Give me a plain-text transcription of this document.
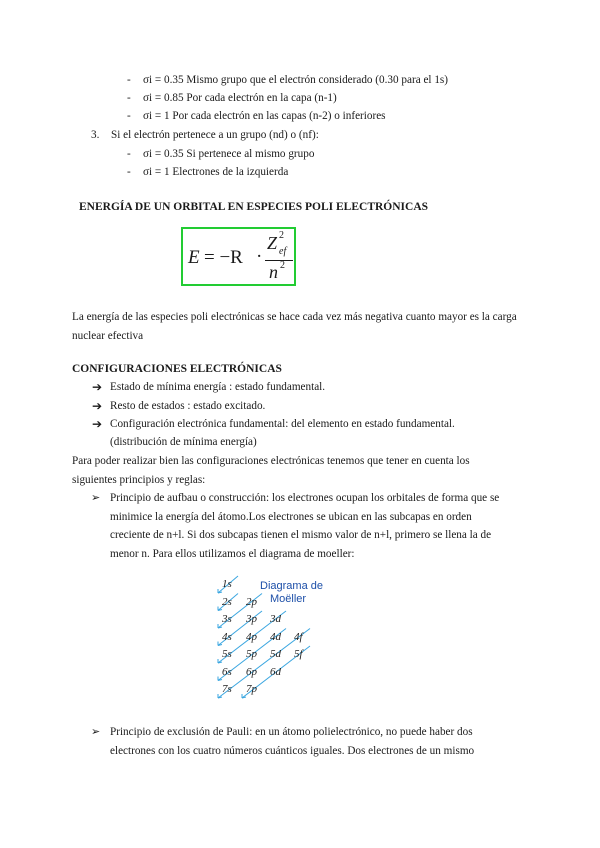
- σi = 0.35 Mismo grupo que el electrón considerado (0.30 para el 1s)
- σi = 0.85 Por cada electrón en la capa (n-1)
- σi = 1 Por cada electrón en las capas (n-2) o inferiores
3. Si el electrón pertenece a un grupo (nd) o (nf):
- σi = 0.35 Si pertenece al mismo grupo
- σi = 1 Electrones de la izquierda
ENERGÍA DE UN ORBITAL EN ESPECIES POLI ELECTRÓNICAS
E = −R ·
Z 2
ef
n 2
La energía de las especies poli electrónicas se hace cada vez más negativa cuanto mayor es la carga
nuclear efectiva
CONFIGURACIONES ELECTRÓNICAS
➔ Estado de mínima energía : estado fundamental.
➔ Resto de estados : estado excitado.
➔ Configuración electrónica fundamental: del elemento en estado fundamental.
(distribución de mínima energía)
Para poder realizar bien las configuraciones electrónicas tenemos que tener en cuenta los
siguientes principios y reglas:
➢ Principio de aufbau o construcción: los electrones ocupan los orbitales de forma que se
minimice la energía del átomo.Los electrones se ubican en las subcapas en orden
creciente de n+l. Si dos subcapas tienen el mismo valor de n+l, primero se llena la de
menor n. Para ellos utilizamos el diagrama de moeller:
Diagrama de
Moëller
1s
2s 2p
3s 3p 3d
4s 4p 4d 4f
5s 5p 5d 5f
6s 6p 6d
7s 7p
➢ Principio de exclusión de Pauli: en un átomo polielectrónico, no puede haber dos
electrones con los cuatro números cuánticos iguales. Dos electrones de un mismo
